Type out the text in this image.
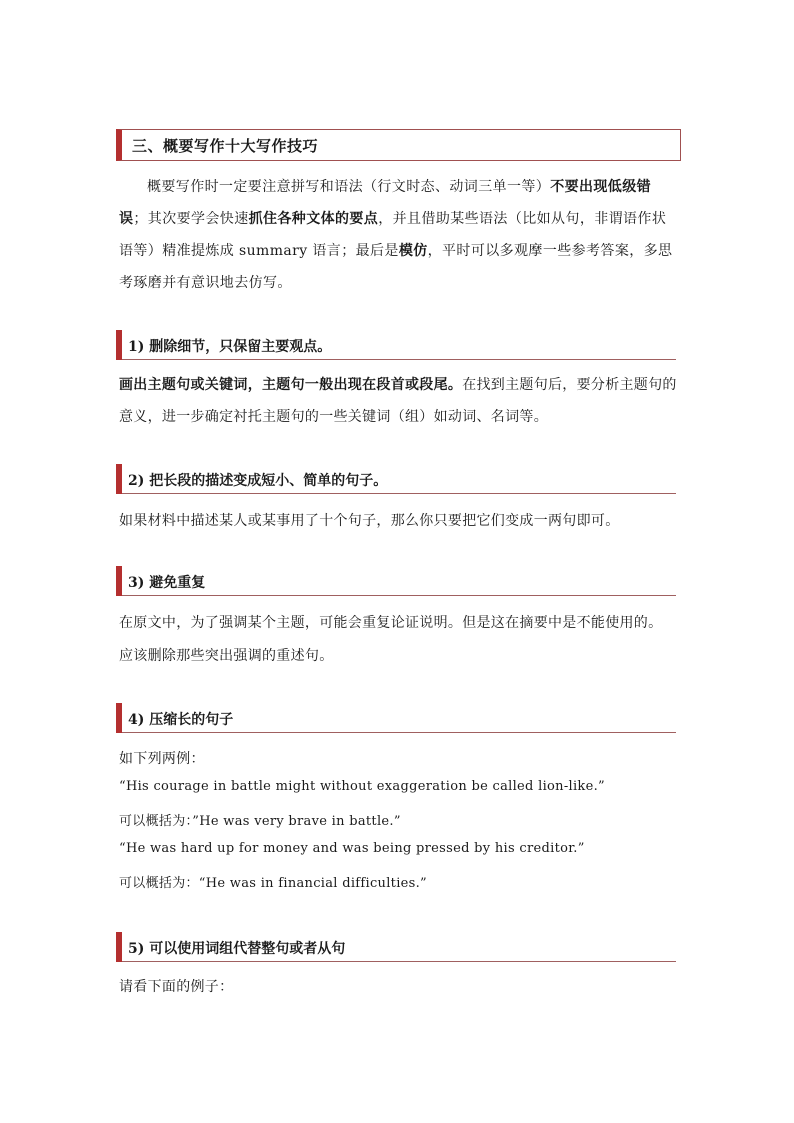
三、概要写作十大写作技巧
概要写作时一定要注意拼写和语法（行文时态、动词三单一等）不要出现低级错误；其次要学会快速抓住各种文体的要点，并且借助某些语法（比如从句，非谓语作状语等）精准提炼成 summary 语言；最后是模仿，平时可以多观摩一些参考答案，多思考琢磨并有意识地去仿写。
1) 删除细节，只保留主要观点。
画出主题句或关键词，主题句一般出现在段首或段尾。在找到主题句后，要分析主题句的
意义，进一步确定衬托主题句的一些关键词（组）如动词、名词等。
2) 把长段的描述变成短小、简单的句子。
如果材料中描述某人或某事用了十个句子，那么你只要把它们变成一两句即可。
3) 避免重复
在原文中，为了强调某个主题，可能会重复论证说明。但是这在摘要中是不能使用的。
应该删除那些突出强调的重述句。
4) 压缩长的句子
如下列两例：
“His courage in battle might without exaggeration be called lion-like.”
可以概括为：”He was very brave in battle.”
“He was hard up for money and was being pressed by his creditor.”
可以概括为：“He was in financial difficulties.”
5) 可以使用词组代替整句或者从句
请看下面的例子：
